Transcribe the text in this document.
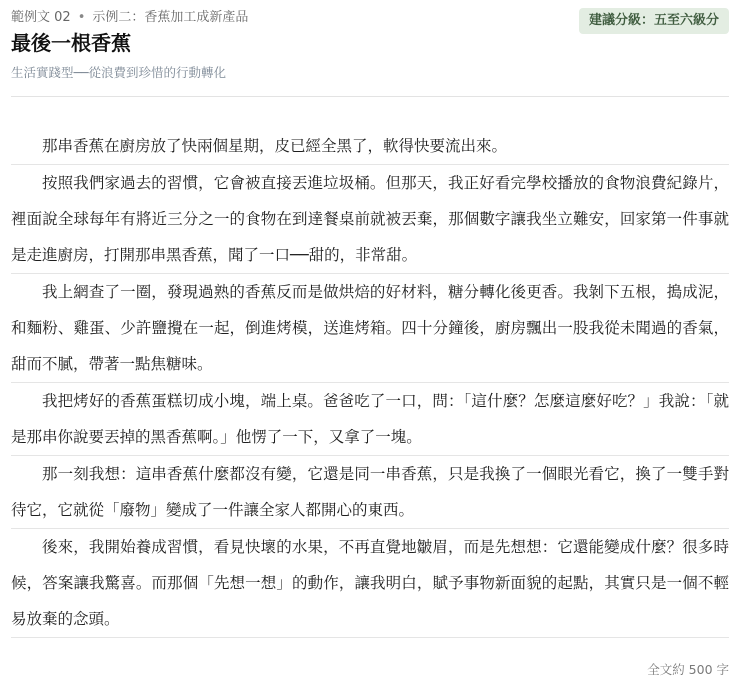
範例文 02 • 示例二：香蕉加工成新產品
最後一根香蕉
生活實踐型──從浪費到珍惜的行動轉化
建議分級：五至六級分

那串香蕉在廚房放了快兩個星期，皮已經全黑了，軟得快要流出來。

按照我們家過去的習慣，它會被直接丟進垃圾桶。但那天，我正好看完學校播放的食物浪費紀錄片，裡面說全球每年有將近三分之一的食物在到達餐桌前就被丟棄，那個數字讓我坐立難安，回家第一件事就是走進廚房，打開那串黑香蕉，聞了一口──甜的，非常甜。

我上網查了一圈，發現過熟的香蕉反而是做烘焙的好材料，糖分轉化後更香。我剝下五根，搗成泥，和麵粉、雞蛋、少許鹽攪在一起，倒進烤模，送進烤箱。四十分鐘後，廚房飄出一股我從未聞過的香氣，甜而不膩，帶著一點焦糖味。

我把烤好的香蕉蛋糕切成小塊，端上桌。爸爸吃了一口，問：「這什麼？怎麼這麼好吃？」我說：「就是那串你說要丟掉的黑香蕉啊。」他愣了一下，又拿了一塊。

那一刻我想：這串香蕉什麼都沒有變，它還是同一串香蕉，只是我換了一個眼光看它，換了一雙手對待它，它就從「廢物」變成了一件讓全家人都開心的東西。

後來，我開始養成習慣，看見快壞的水果，不再直覺地皺眉，而是先想想：它還能變成什麼？很多時候，答案讓我驚喜。而那個「先想一想」的動作，讓我明白，賦予事物新面貌的起點，其實只是一個不輕易放棄的念頭。

全文約 500 字
